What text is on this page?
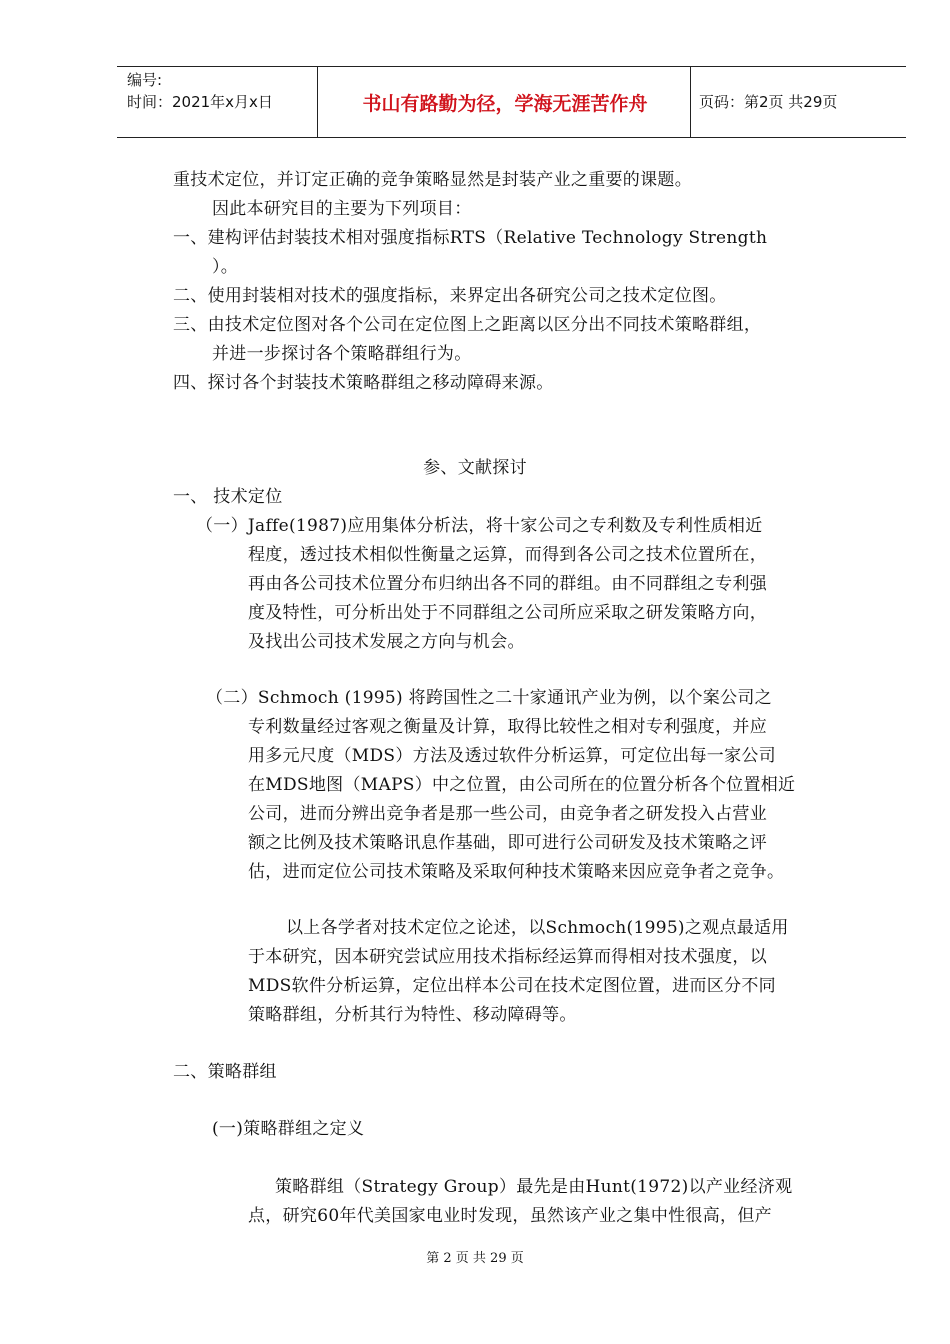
编号:
时间：2021年x月x日	书山有路勤为径，学海无涯苦作舟	页码：第2页 共29页
重技术定位，并订定正确的竞争策略显然是封装产业之重要的课题。
因此本研究目的主要为下列项目：
一、建构评估封装技术相对强度指标RTS（Relative Technology Strength
）。
二、使用封装相对技术的强度指标，来界定出各研究公司之技术定位图。
三、由技术定位图对各个公司在定位图上之距离以区分出不同技术策略群组，
并进一步探讨各个策略群组行为。
四、探讨各个封装技术策略群组之移动障碍来源。
参、文献探讨
一、 技术定位
（一）Jaffe(1987)应用集体分析法，将十家公司之专利数及专利性质相近
程度，透过技术相似性衡量之运算，而得到各公司之技术位置所在，
再由各公司技术位置分布归纳出各不同的群组。由不同群组之专利强
度及特性，可分析出处于不同群组之公司所应采取之研发策略方向，
及找出公司技术发展之方向与机会。
（二）Schmoch (1995) 将跨国性之二十家通讯产业为例，以个案公司之
专利数量经过客观之衡量及计算，取得比较性之相对专利强度，并应
用多元尺度（MDS）方法及透过软件分析运算，可定位出每一家公司
在MDS地图（MAPS）中之位置，由公司所在的位置分析各个位置相近
公司，进而分辨出竞争者是那一些公司，由竞争者之研发投入占营业
额之比例及技术策略讯息作基础，即可进行公司研发及技术策略之评
估，进而定位公司技术策略及采取何种技术策略来因应竞争者之竞争。
以上各学者对技术定位之论述，以Schmoch(1995)之观点最适用
于本研究，因本研究尝试应用技术指标经运算而得相对技术强度，以
MDS软件分析运算，定位出样本公司在技术定图位置，进而区分不同
策略群组，分析其行为特性、移动障碍等。
二、策略群组
(一)策略群组之定义
策略群组（Strategy Group）最先是由Hunt(1972)以产业经济观
点，研究60年代美国家电业时发现，虽然该产业之集中性很高，但产
第 2 页 共 29 页
